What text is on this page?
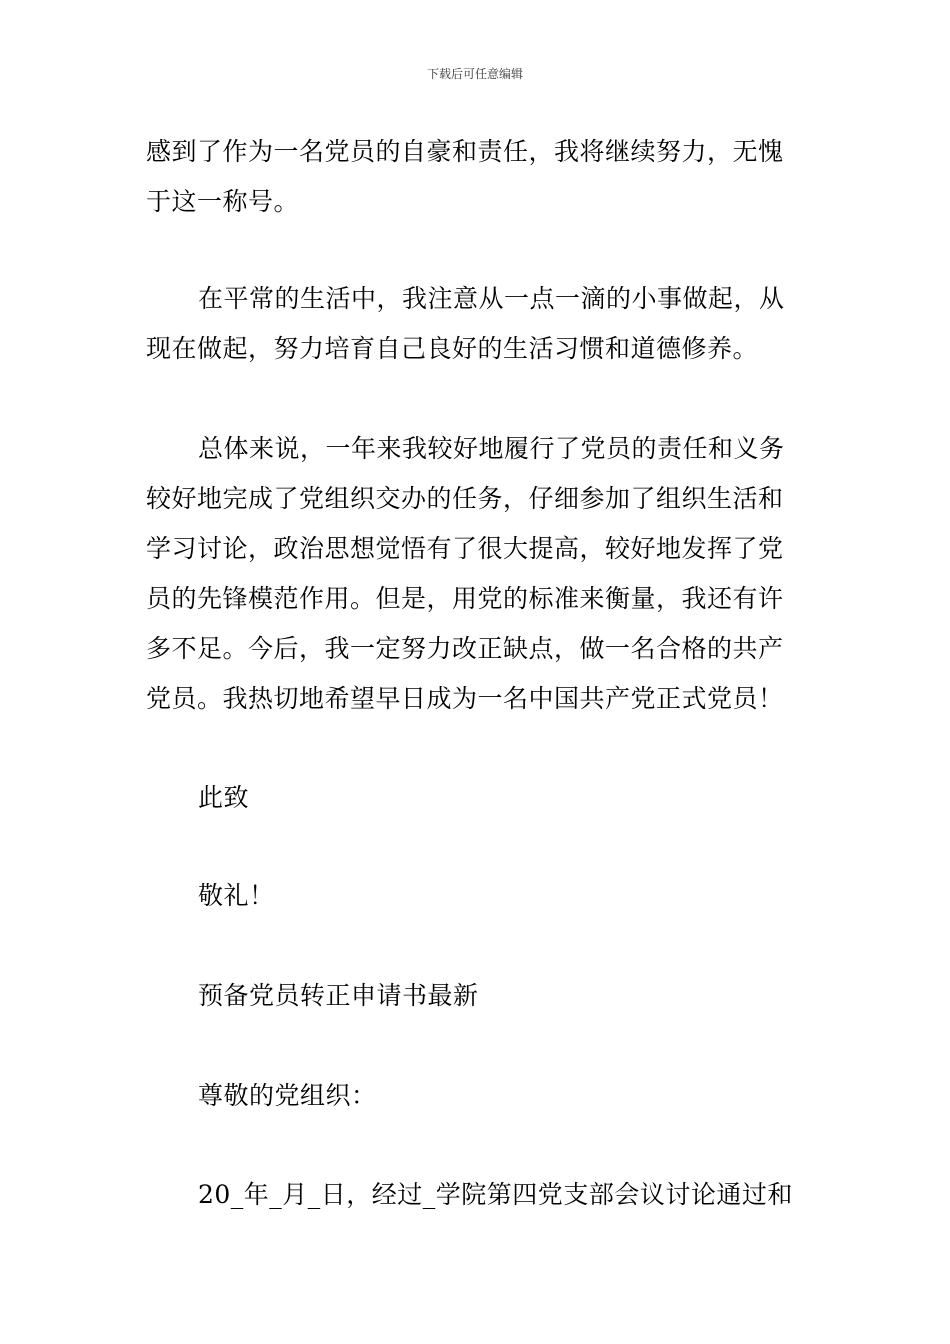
下载后可任意编辑

感到了作为一名党员的自豪和责任，我将继续努力，无愧于这一称号。

在平常的生活中，我注意从一点一滴的小事做起，从现在做起，努力培育自己良好的生活习惯和道德修养。

总体来说，一年来我较好地履行了党员的责任和义务较好地完成了党组织交办的任务，仔细参加了组织生活和学习讨论，政治思想觉悟有了很大提高，较好地发挥了党员的先锋模范作用。但是，用党的标准来衡量，我还有许多不足。今后，我一定努力改正缺点，做一名合格的共产党员。我热切地希望早日成为一名中国共产党正式党员！

此致

敬礼！

预备党员转正申请书最新

尊敬的党组织：

20_年_月_日，经过_学院第四党支部会议讨论通过和
